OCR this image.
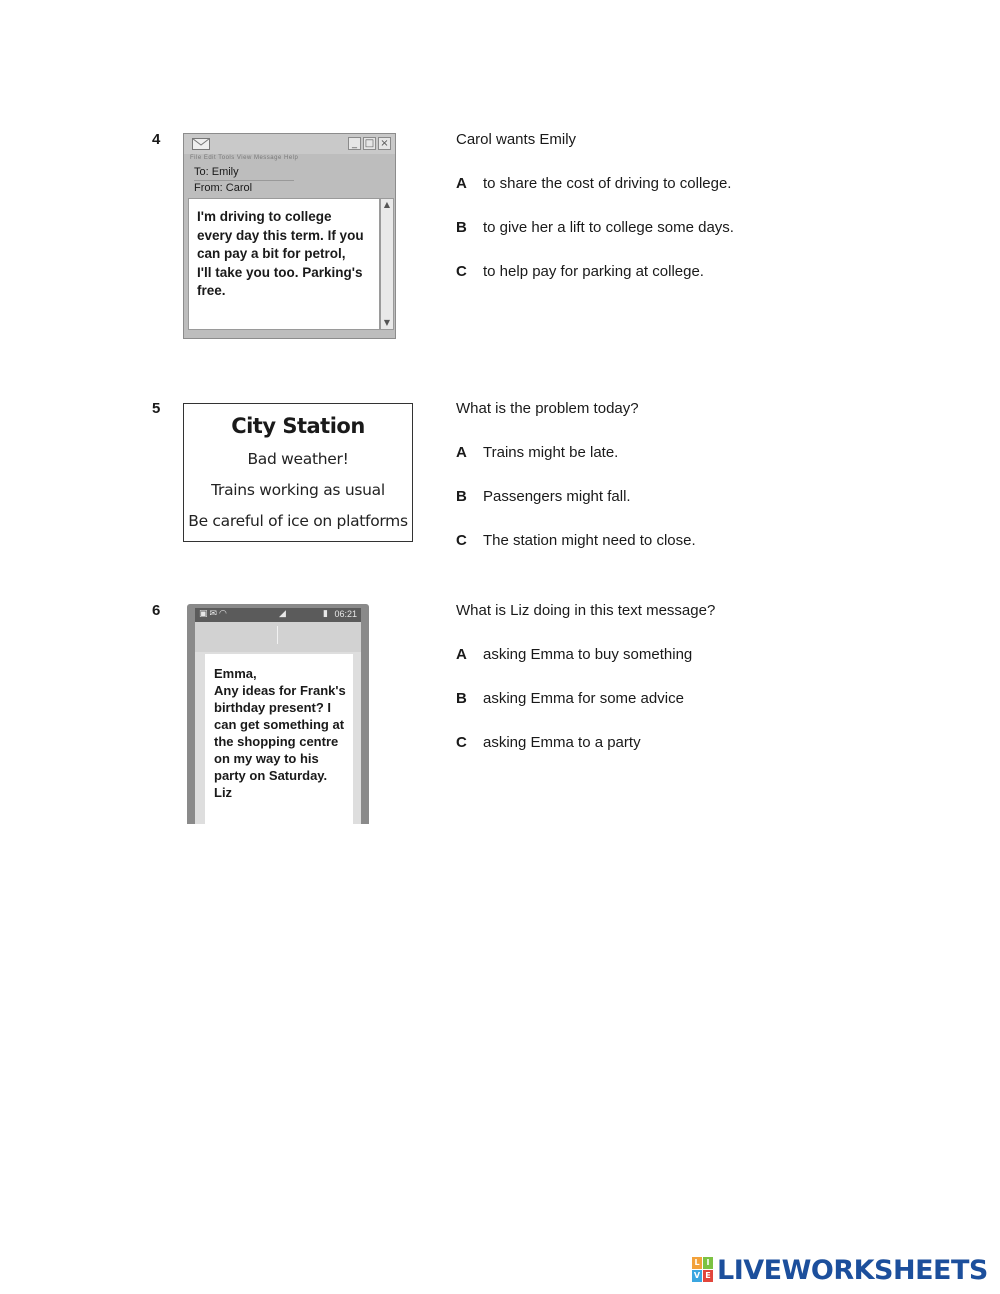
4	_ □ ×
File Edit Tools View Message Help
To: Emily
From: Carol
I'm driving to college
every day this term. If you
can pay a bit for petrol,
I'll take you too. Parking's
free.
▲
▼
Carol wants Emily
A	to share the cost of driving to college.
B	to give her a lift to college some days.
C	to help pay for parking at college.
5
City Station
Bad weather!
Trains working as usual
Be careful of ice on platforms
What is the problem today?
A	Trains might be late.
B	Passengers might fall.
C	The station might need to close.
6	▣✉◠	◢	▮ 06:21
Emma,
Any ideas for Frank's
birthday present? I
can get something at
the shopping centre
on my way to his
party on Saturday.
Liz
What is Liz doing in this text message?
A	asking Emma to buy something
B	asking Emma for some advice
C	asking Emma to a party
L I
V E LIVEWORKSHEETS
